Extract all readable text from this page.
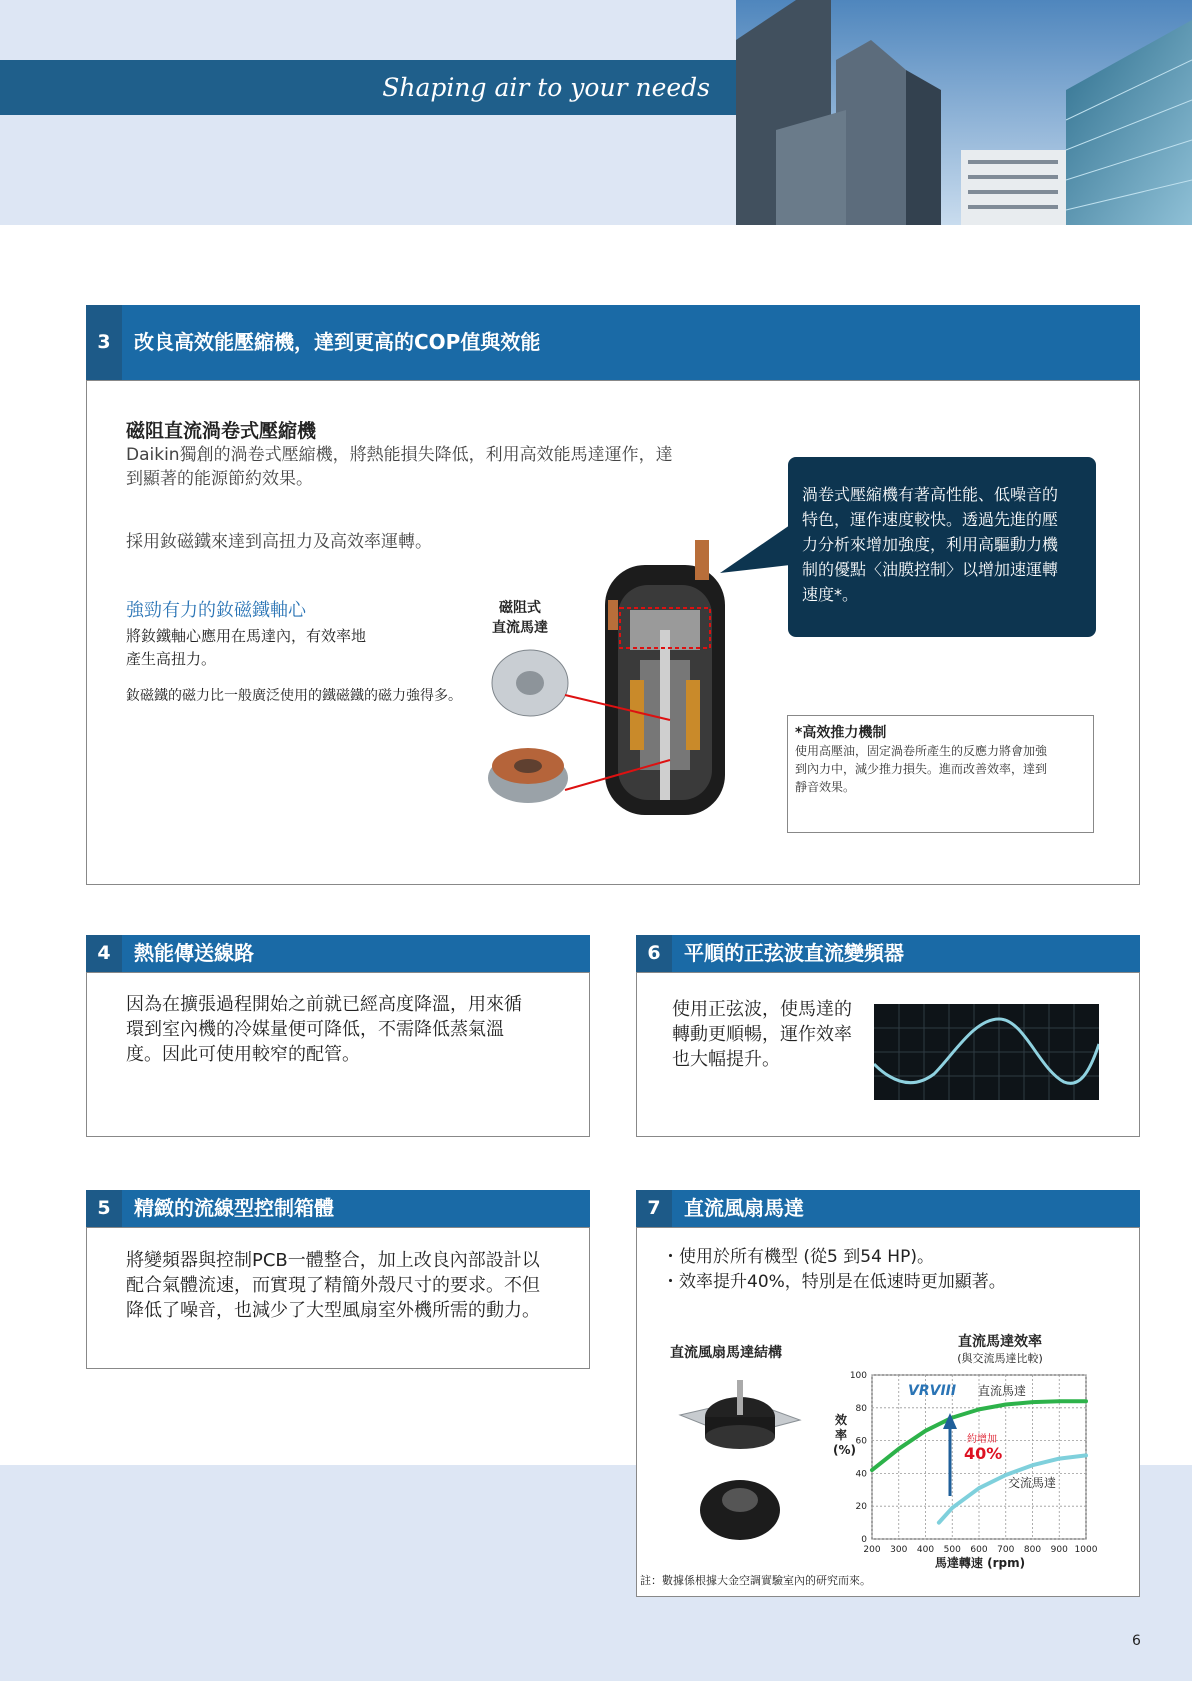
Shaping air to your needs
3	改良高效能壓縮機，達到更高的COP值與效能
磁阻直流渦卷式壓縮機
Daikin獨創的渦卷式壓縮機，將熱能損失降低，利用高效能馬達運作，達
到顯著的能源節約效果。
採用釹磁鐵來達到高扭力及高效率運轉。
強勁有力的釹磁鐵軸心
將釹鐵軸心應用在馬達內，有效率地
產生高扭力。
釹磁鐵的磁力比一般廣泛使用的鐵磁鐵的磁力強得多。
磁阻式
直流馬達
渦卷式壓縮機有著高性能、低噪音的
特色，運作速度較快。透過先進的壓
力分析來增加強度，利用高驅動力機
制的優點〈油膜控制〉以增加速運轉
速度*。
*高效推力機制
使用高壓油，固定渦卷所產生的反應力將會加強
到內力中，減少推力損失。進而改善效率，達到
靜音效果。
4	熱能傳送線路
因為在擴張過程開始之前就已經高度降溫，用來循
環到室內機的冷媒量便可降低，不需降低蒸氣溫
度。因此可使用較窄的配管。
6	平順的正弦波直流變頻器
使用正弦波，使馬達的
轉動更順暢，運作效率
也大幅提升。
5	精緻的流線型控制箱體
將變頻器與控制PCB一體整合，加上改良內部設計以
配合氣體流速，而實現了精簡外殼尺寸的要求。不但
降低了噪音，也減少了大型風扇室外機所需的動力。
7	直流風扇馬達
・ 使用於所有機型 (從5 到54 HP)。
・ 效率提升40%，特別是在低速時更加顯著。
直流風扇馬達結構
直流馬達效率
(與交流馬達比較)
200 300 400 500 600 700 800 900 1000
0
20
40
60
80
100
VRVIII 直流馬達
交流馬達
約增加
40%
馬達轉速 (rpm)
效率(%)
註：數據係根據大金空調實驗室內的研究而來。
6
